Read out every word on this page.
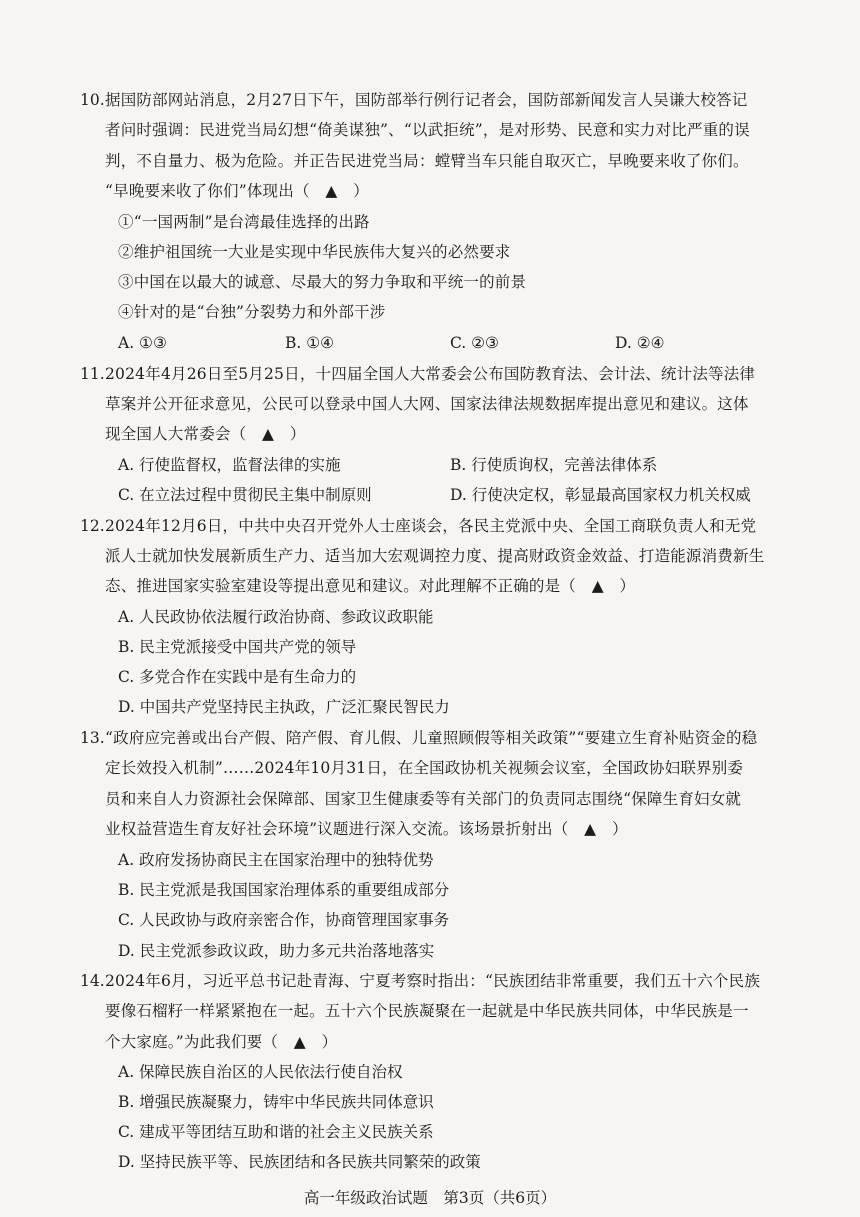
10. 据国防部网站消息，2月27日下午，国防部举行例行记者会，国防部新闻发言人吴谦大校答记
者问时强调：民进党当局幻想“倚美谋独”、“以武拒统”，是对形势、民意和实力对比严重的误
判，不自量力、极为危险。并正告民进党当局：螳臂当车只能自取灭亡，早晚要来收了你们。
“早晚要来收了你们”体现出（　▲　）
①“一国两制”是台湾最佳选择的出路
②维护祖国统一大业是实现中华民族伟大复兴的必然要求
③中国在以最大的诚意、尽最大的努力争取和平统一的前景
④针对的是“台独”分裂势力和外部干涉
A. ①③	B. ①④	C. ②③	D. ②④
11. 2024年4月26日至5月25日，十四届全国人大常委会公布国防教育法、会计法、统计法等法律
草案并公开征求意见，公民可以登录中国人大网、国家法律法规数据库提出意见和建议。这体
现全国人大常委会（　▲　）
A. 行使监督权，监督法律的实施	B. 行使质询权，完善法律体系
C. 在立法过程中贯彻民主集中制原则	D. 行使决定权，彰显最高国家权力机关权威
12. 2024年12月6日，中共中央召开党外人士座谈会，各民主党派中央、全国工商联负责人和无党
派人士就加快发展新质生产力、适当加大宏观调控力度、提高财政资金效益、打造能源消费新生
态、推进国家实验室建设等提出意见和建议。对此理解不正确的是（　▲　）
A. 人民政协依法履行政治协商、参政议政职能
B. 民主党派接受中国共产党的领导
C. 多党合作在实践中是有生命力的
D. 中国共产党坚持民主执政，广泛汇聚民智民力
13. “政府应完善或出台产假、陪产假、育儿假、儿童照顾假等相关政策”“要建立生育补贴资金的稳
定长效投入机制”……2024年10月31日，在全国政协机关视频会议室，全国政协妇联界别委
员和来自人力资源社会保障部、国家卫生健康委等有关部门的负责同志围绕“保障生育妇女就
业权益营造生育友好社会环境”议题进行深入交流。该场景折射出（　▲　）
A. 政府发扬协商民主在国家治理中的独特优势
B. 民主党派是我国国家治理体系的重要组成部分
C. 人民政协与政府亲密合作，协商管理国家事务
D. 民主党派参政议政，助力多元共治落地落实
14. 2024年6月，习近平总书记赴青海、宁夏考察时指出：“民族团结非常重要，我们五十六个民族
要像石榴籽一样紧紧抱在一起。五十六个民族凝聚在一起就是中华民族共同体，中华民族是一
个大家庭。”为此我们要（　▲　）
A. 保障民族自治区的人民依法行使自治权
B. 增强民族凝聚力，铸牢中华民族共同体意识
C. 建成平等团结互助和谐的社会主义民族关系
D. 坚持民族平等、民族团结和各民族共同繁荣的政策
高一年级政治试题　第3页（共6页）
